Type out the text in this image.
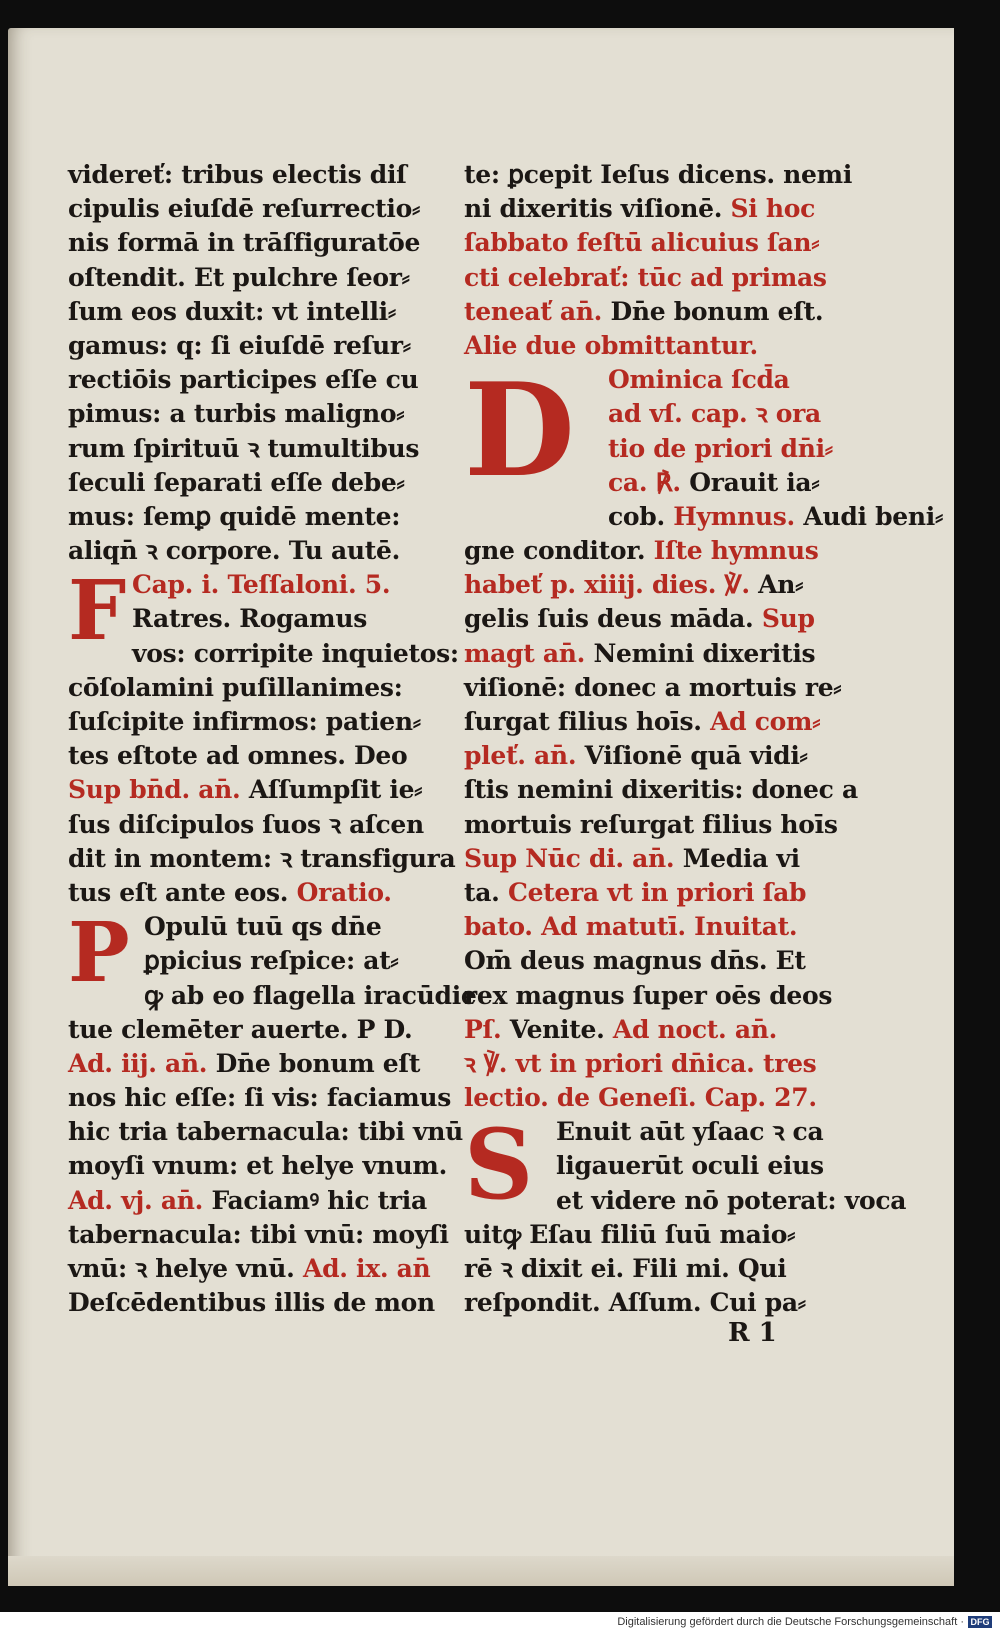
videreť: tribus electis diſ
cipulis eiuſdē reſurrectio⸗
nis formā in trāſfiguratōe
oſtendit. Et pulchre ſeor⸗
ſum eos duxit: vt intelli⸗
gamus: q: ſi eiuſdē reſur⸗
rectiōis participes eſſe cu
pimus: a turbis maligno⸗
rum ſpirituū ꝛ tumultibus
ſeculi ſeparati eſſe debe⸗
mus: ſemꝑ quidē mente:
aliqn̄ ꝛ corpore. Tu autē.
F Cap. i. Teſſaloni. 5.
Ratres. Rogamus
vos: corripite inquietos:
cōſolamini puſillanimes:
ſuſcipite infirmos: patien⸗
tes eſtote ad omnes. Deo
Sup bn̄d. an̄. Aſſumpſit ie⸗
ſus diſcipulos ſuos ꝛ aſcen
dit in montem: ꝛ transfigura
tus eſt ante eos. Oratio.
P Opulū tuū qs dn̄e
ꝑpicius reſpice: at⸗
ꝙ ab eo flagella iracūdie
tue clemēter auerte. P D.
Ad. iij. an̄. Dn̄e bonum eſt
nos hic eſſe: ſi vis: faciamus
hic tria tabernacula: tibi vnū
moyſi vnum: et helye vnum.
Ad. vj. an̄. Faciamꝰ hic tria
tabernacula: tibi vnū: moyſi
vnū: ꝛ helye vnū. Ad. ix. an̄
Deſcēdentibus illis de mon
te: ꝑcepit Ieſus dicens. nemi
ni dixeritis viſionē. Si hoc
ſabbato feſtū alicuius ſan⸗
cti celebrať: tūc ad primas
teneať an̄. Dn̄e bonum eſt.
Alie due obmittantur.
D	Ominica ſcd̄a
ad vſ. cap. ꝛ ora
tio de priori dn̄i⸗
ca. ℟. Orauit ia⸗
cob. Hymnus. Audi beni⸗
gne conditor. Iſte hymnus
habeť p. xiiij. dies. ℣. An⸗
gelis ſuis deus māda. Sup
magt an̄. Nemini dixeritis
viſionē: donec a mortuis re⸗
ſurgat filius hoīs. Ad com⸗
pleť. an̄. Viſionē quā vidi⸗
ſtis nemini dixeritis: donec a
mortuis reſurgat filius hoīs
Sup Nūc di. an̄. Media vi
ta. Cetera vt in priori ſab
bato. Ad matutī. Inuitat.
Om̄ deus magnus dn̄s. Et
rex magnus ſuper oēs deos
Pſ. Venite. Ad noct. an̄.
ꝛ ℣. vt in priori dn̄ica. tres
lectio. de Geneſi. Cap. 27.
S Enuit aūt yſaac ꝛ ca
ligauerūt oculi eius
et videre nō poterat: voca
uitꝙ Eſau filiū ſuū maio⸗
rē ꝛ dixit ei. Fili mi. Qui
reſpondit. Aſſum. Cui pa⸗
R 1
Digitalisierung gefördert durch die Deutsche Forschungsgemeinschaft · DFG
